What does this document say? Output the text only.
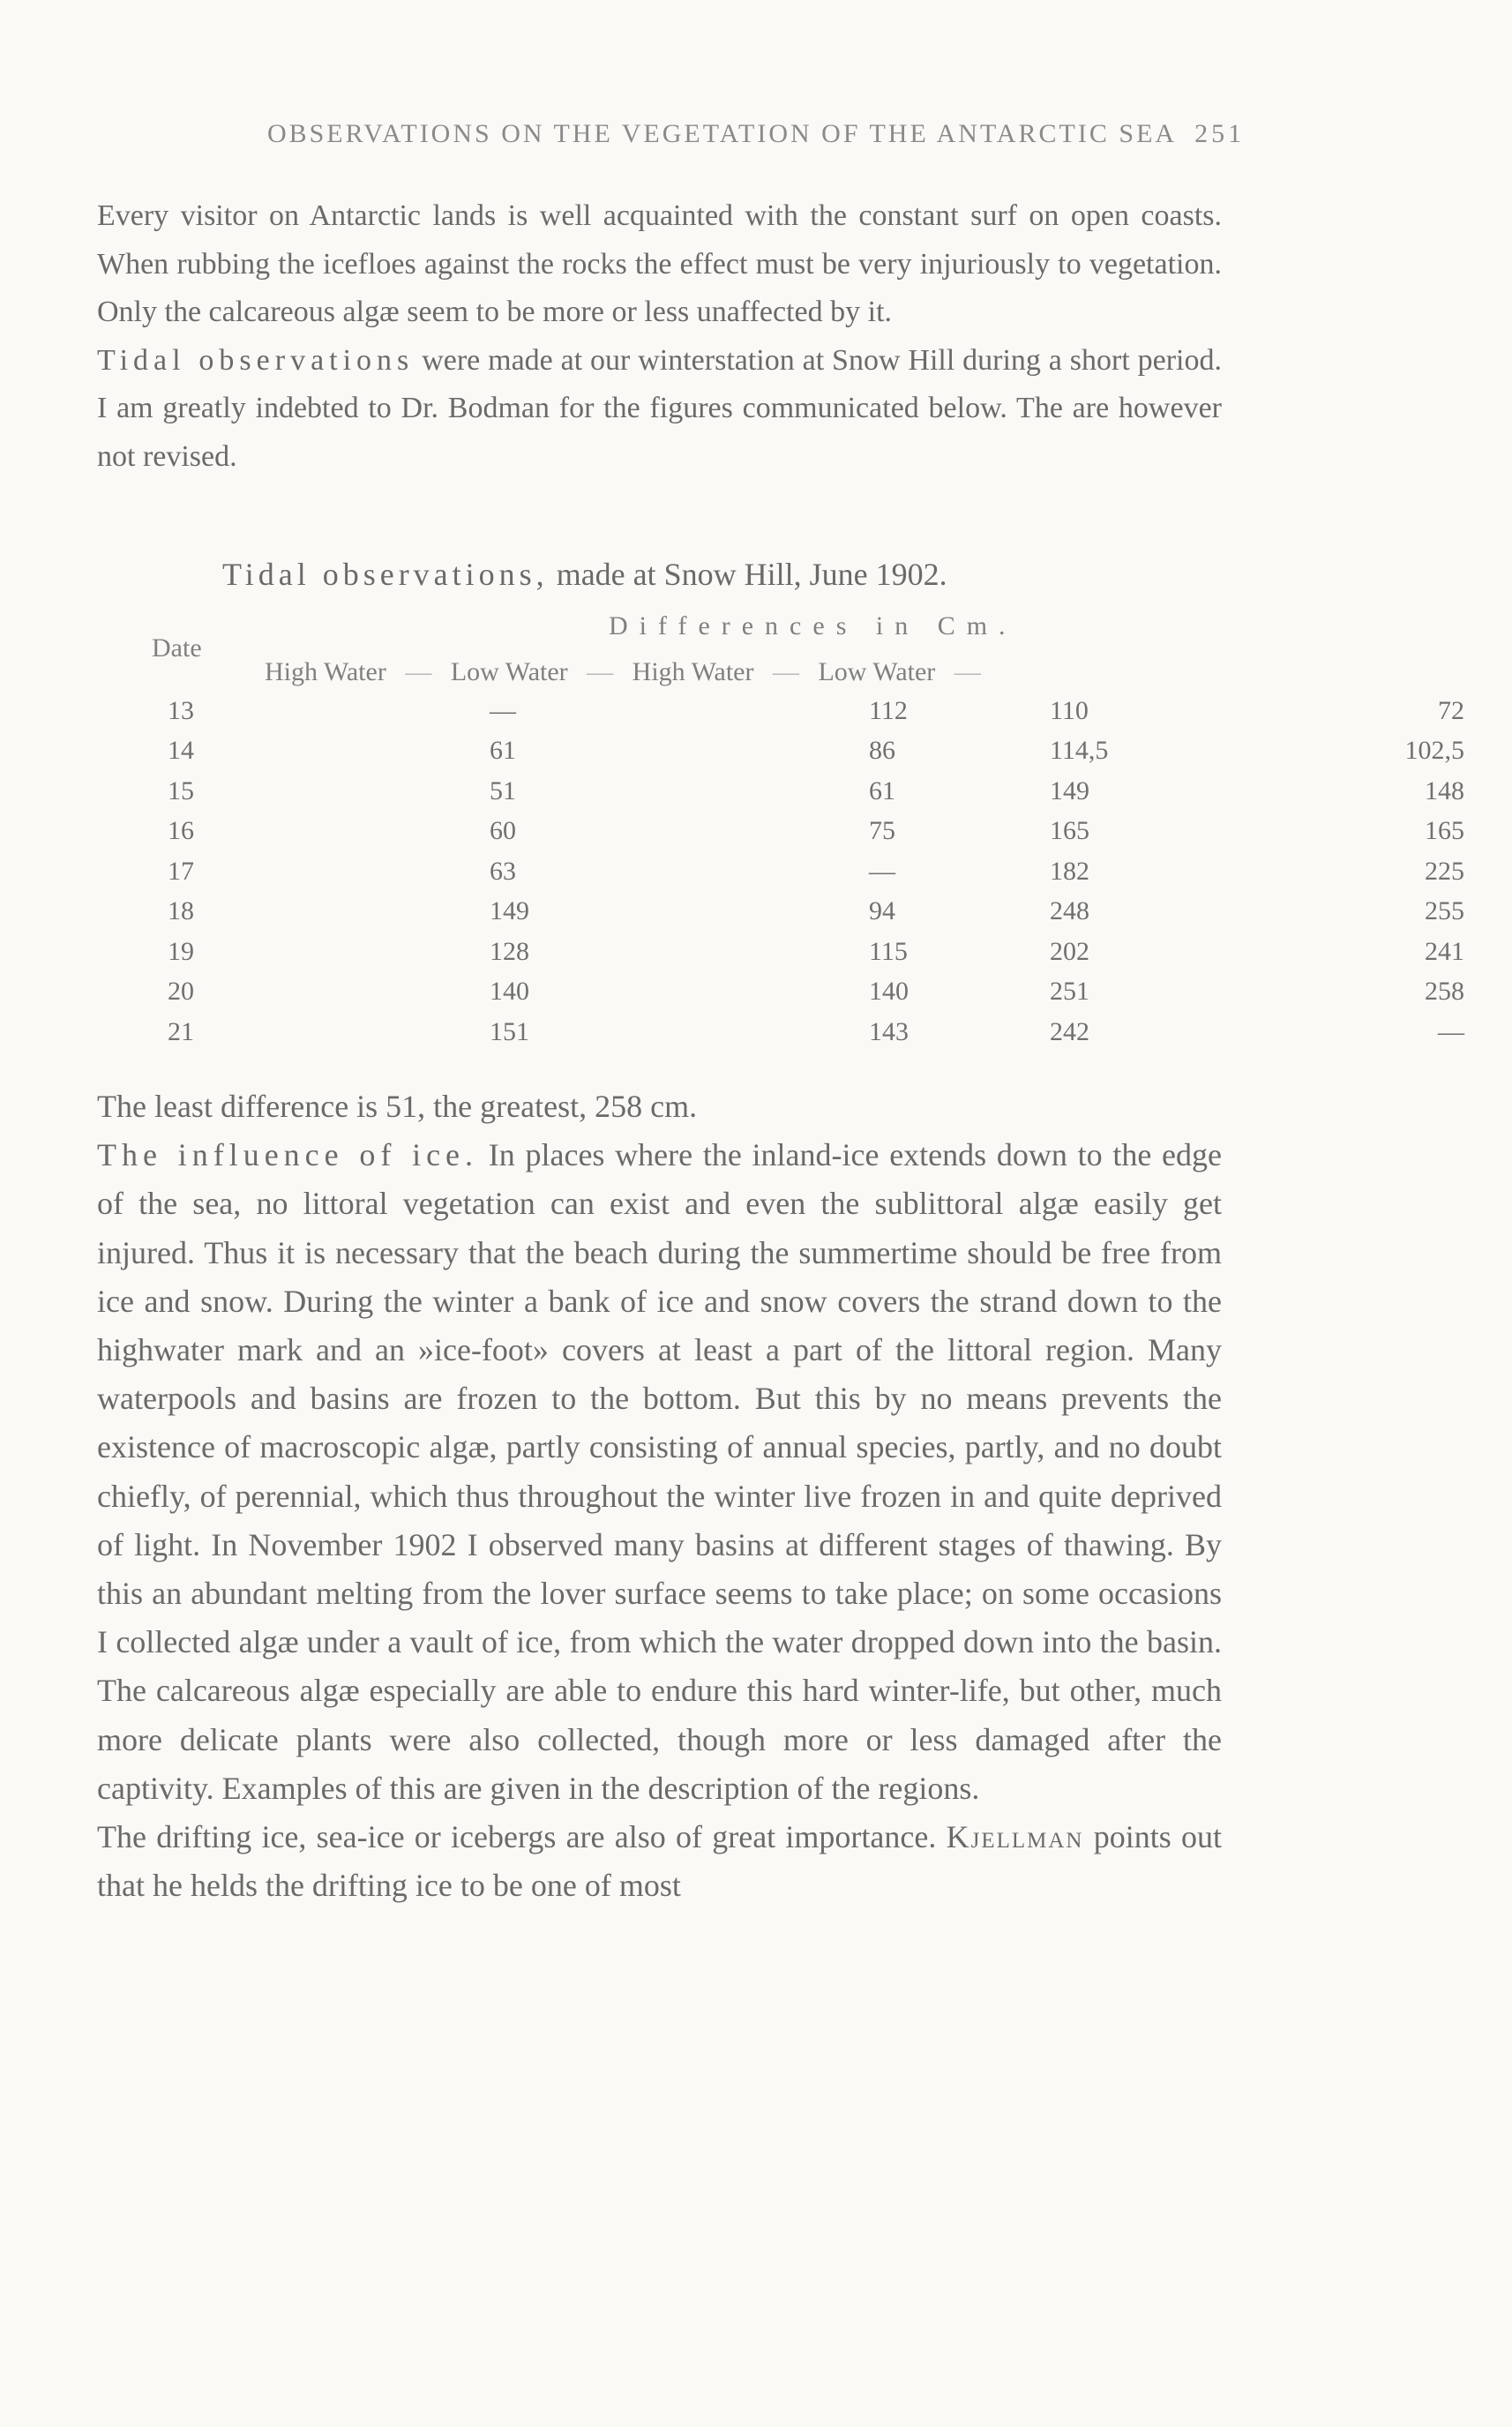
OBSERVATIONS ON THE VEGETATION OF THE ANTARCTIC SEA 251

Every visitor on Antarctic lands is well acquainted with the constant surf on open coasts. When rubbing the icefloes against the rocks the effect must be very injuriously to vegetation. Only the calcareous algæ seem to be more or less unaffected by it.
Tidal observations were made at our winterstation at Snow Hill during a short period. I am greatly indebted to Dr. Bodman for the figures communicated below. The are however not revised.

Tidal observations, made at Snow Hill, June 1902.
Differences in Cm.
Date
High Water — Low Water — High Water — Low Water —
13	—	112	110	72
14	61	86	114,5	102,5
15	51	61	149	148
16	60	75	165	165
17	63	—	182	225
18	149	94	248	255
19	128	115	202	241
20	140	140	251	258
21	151	143	242	—

The least difference is 51, the greatest, 258 cm.
The influence of ice. In places where the inland-ice extends down to the edge of the sea, no littoral vegetation can exist and even the sublittoral algæ easily get injured. Thus it is necessary that the beach during the summertime should be free from ice and snow. During the winter a bank of ice and snow covers the strand down to the highwater mark and an »ice-foot» covers at least a part of the littoral region. Many waterpools and basins are frozen to the bottom. But this by no means prevents the existence of macroscopic algæ, partly consisting of annual species, partly, and no doubt chiefly, of perennial, which thus throughout the winter live frozen in and quite deprived of light. In November 1902 I observed many basins at different stages of thawing. By this an abundant melting from the lover surface seems to take place; on some occasions I collected algæ under a vault of ice, from which the water dropped down into the basin. The calcareous algæ especially are able to endure this hard winter-life, but other, much more delicate plants were also collected, though more or less damaged after the captivity. Examples of this are given in the description of the regions.
The drifting ice, sea-ice or icebergs are also of great importance. Kjellman points out that he helds the drifting ice to be one of most
